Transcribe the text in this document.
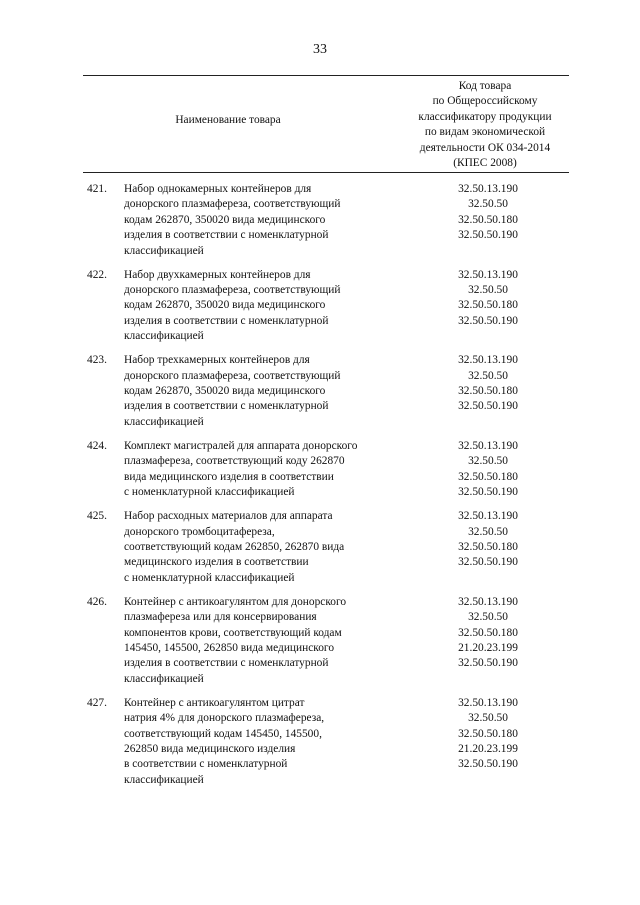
33
Наименование товара
Код товара
по Общероссийскому
классификатору продукции
по видам экономической
деятельности ОК 034-2014
(КПЕС 2008)
421. Набор однокамерных контейнеров для
донорского плазмафереза, соответствующий
кодам 262870, 350020 вида медицинского
изделия в соответствии с номенклатурной
классификацией
32.50.13.190
32.50.50
32.50.50.180
32.50.50.190
422. Набор двухкамерных контейнеров для
донорского плазмафереза, соответствующий
кодам 262870, 350020 вида медицинского
изделия в соответствии с номенклатурной
классификацией
32.50.13.190
32.50.50
32.50.50.180
32.50.50.190
423. Набор трехкамерных контейнеров для
донорского плазмафереза, соответствующий
кодам 262870, 350020 вида медицинского
изделия в соответствии с номенклатурной
классификацией
32.50.13.190
32.50.50
32.50.50.180
32.50.50.190
424. Комплект магистралей для аппарата донорского
плазмафереза, соответствующий коду 262870
вида медицинского изделия в соответствии
с номенклатурной классификацией
32.50.13.190
32.50.50
32.50.50.180
32.50.50.190
425. Набор расходных материалов для аппарата
донорского тромбоцитафереза,
соответствующий кодам 262850, 262870 вида
медицинского изделия в соответствии
с номенклатурной классификацией
32.50.13.190
32.50.50
32.50.50.180
32.50.50.190
426. Контейнер с антикоагулянтом для донорского
плазмафереза или для консервирования
компонентов крови, соответствующий кодам
145450, 145500, 262850 вида медицинского
изделия в соответствии с номенклатурной
классификацией
32.50.13.190
32.50.50
32.50.50.180
21.20.23.199
32.50.50.190
427. Контейнер с антикоагулянтом цитрат
натрия 4% для донорского плазмафереза,
соответствующий кодам 145450, 145500,
262850 вида медицинского изделия
в соответствии с номенклатурной
классификацией
32.50.13.190
32.50.50
32.50.50.180
21.20.23.199
32.50.50.190
